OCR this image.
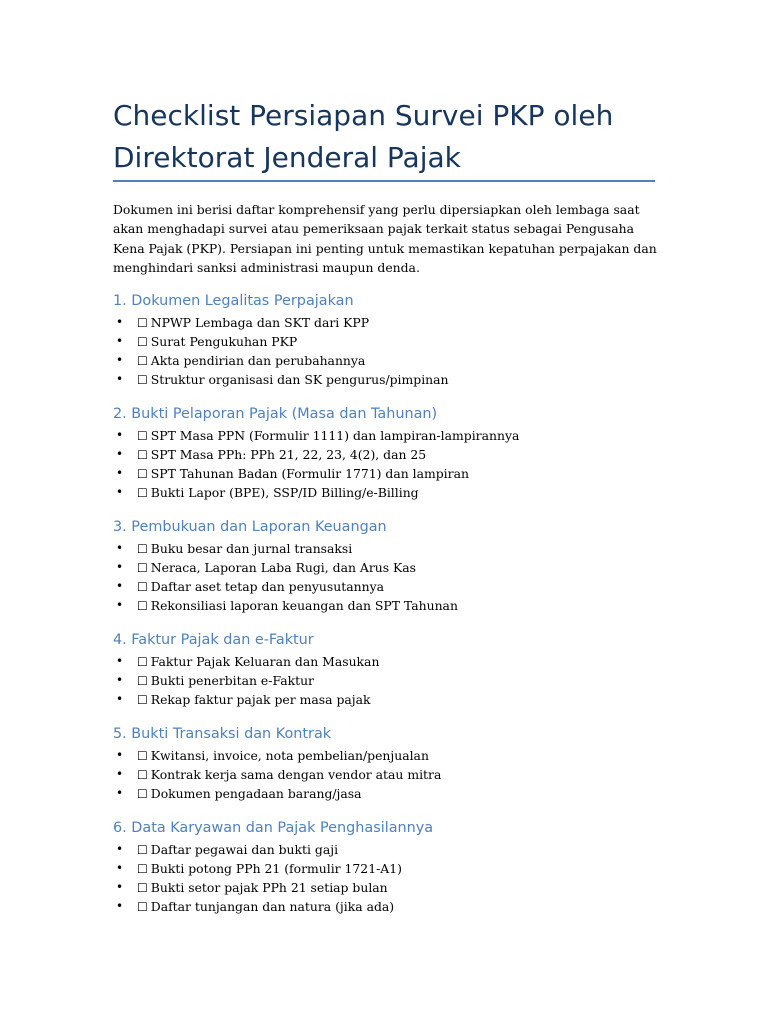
Checklist Persiapan Survei PKP oleh Direktorat Jenderal Pajak

Dokumen ini berisi daftar komprehensif yang perlu dipersiapkan oleh lembaga saat akan menghadapi survei atau pemeriksaan pajak terkait status sebagai Pengusaha Kena Pajak (PKP). Persiapan ini penting untuk memastikan kepatuhan perpajakan dan menghindari sanksi administrasi maupun denda.

1. Dokumen Legalitas Perpajakan
• ☐ NPWP Lembaga dan SKT dari KPP
• ☐ Surat Pengukuhan PKP
• ☐ Akta pendirian dan perubahannya
• ☐ Struktur organisasi dan SK pengurus/pimpinan
2. Bukti Pelaporan Pajak (Masa dan Tahunan)
• ☐ SPT Masa PPN (Formulir 1111) dan lampiran-lampirannya
• ☐ SPT Masa PPh: PPh 21, 22, 23, 4(2), dan 25
• ☐ SPT Tahunan Badan (Formulir 1771) dan lampiran
• ☐ Bukti Lapor (BPE), SSP/ID Billing/e-Billing
3. Pembukuan dan Laporan Keuangan
• ☐ Buku besar dan jurnal transaksi
• ☐ Neraca, Laporan Laba Rugi, dan Arus Kas
• ☐ Daftar aset tetap dan penyusutannya
• ☐ Rekonsiliasi laporan keuangan dan SPT Tahunan
4. Faktur Pajak dan e-Faktur
• ☐ Faktur Pajak Keluaran dan Masukan
• ☐ Bukti penerbitan e-Faktur
• ☐ Rekap faktur pajak per masa pajak
5. Bukti Transaksi dan Kontrak
• ☐ Kwitansi, invoice, nota pembelian/penjualan
• ☐ Kontrak kerja sama dengan vendor atau mitra
• ☐ Dokumen pengadaan barang/jasa
6. Data Karyawan dan Pajak Penghasilannya
• ☐ Daftar pegawai dan bukti gaji
• ☐ Bukti potong PPh 21 (formulir 1721-A1)
• ☐ Bukti setor pajak PPh 21 setiap bulan
• ☐ Daftar tunjangan dan natura (jika ada)
